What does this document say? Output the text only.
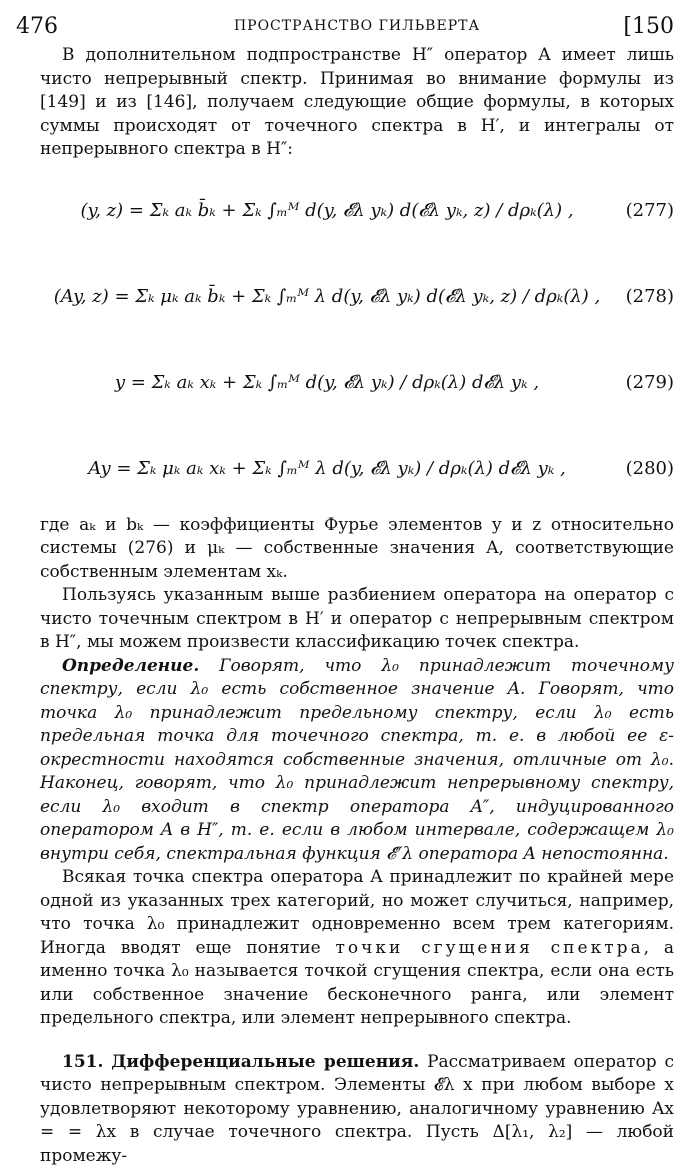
476	ПРОСТРАНСТВО ГИЛЬВЕРТА	[150

В дополнительном подпространстве H″ оператор A имеет лишь чисто непрерывный спектр. Принимая во внимание формулы из [149] и из [146], получаем следующие общие формулы, в которых суммы происходят от точечного спектра в H′, и интегралы от непрерывного спектра в H″:

(y, z) = Σₖ aₖ b̄ₖ + Σₖ ∫ₘᴹ d(y, 𝓔λ yₖ) d(𝓔λ yₖ, z) / dρₖ(λ) ,	(277)
(Ay, z) = Σₖ μₖ aₖ b̄ₖ + Σₖ ∫ₘᴹ λ d(y, 𝓔λ yₖ) d(𝓔λ yₖ, z) / dρₖ(λ) ,	(278)
y = Σₖ aₖ xₖ + Σₖ ∫ₘᴹ d(y, 𝓔λ yₖ) / dρₖ(λ) d𝓔λ yₖ ,	(279)
Ay = Σₖ μₖ aₖ xₖ + Σₖ ∫ₘᴹ λ d(y, 𝓔λ yₖ) / dρₖ(λ) d𝓔λ yₖ ,	(280)

где aₖ и bₖ — коэффициенты Фурье элементов y и z относительно системы (276) и μₖ — собственные значения A, соответствующие собственным элементам xₖ.

Пользуясь указанным выше разбиением оператора на оператор с чисто точечным спектром в H′ и оператор с непрерывным спектром в H″, мы можем произвести классификацию точек спектра.

Определение. Говорят, что λ₀ принадлежит точечному спектру, если λ₀ есть собственное значение A. Говорят, что точка λ₀ принадлежит предельному спектру, если λ₀ есть предельная точка для точечного спектра, т. е. в любой ее ε-окрестности находятся собственные значения, отличные от λ₀. Наконец, говорят, что λ₀ принадлежит непрерывному спектру, если λ₀ входит в спектр оператора A″, индуцированного оператором A в H″, т. е. если в любом интервале, содержащем λ₀ внутри себя, спектральная функция 𝓔″λ оператора A непостоянна.

Всякая точка спектра оператора A принадлежит по крайней мере одной из указанных трех категорий, но может случиться, например, что точка λ₀ принадлежит одновременно всем трем категориям. Иногда вводят еще понятие точки сгущения спектра, а именно точка λ₀ называется точкой сгущения спектра, если она есть или собственное значение бесконечного ранга, или элемент предельного спектра, или элемент непрерывного спектра.

151. Дифференциальные решения. Рассматриваем оператор с чисто непрерывным спектром. Элементы 𝓔λ x при любом выборе x удовлетворяют некоторому уравнению, аналогичному уравнению Ax = = λx в случае точечного спектра. Пусть Δ[λ₁, λ₂] — любой промежу-
